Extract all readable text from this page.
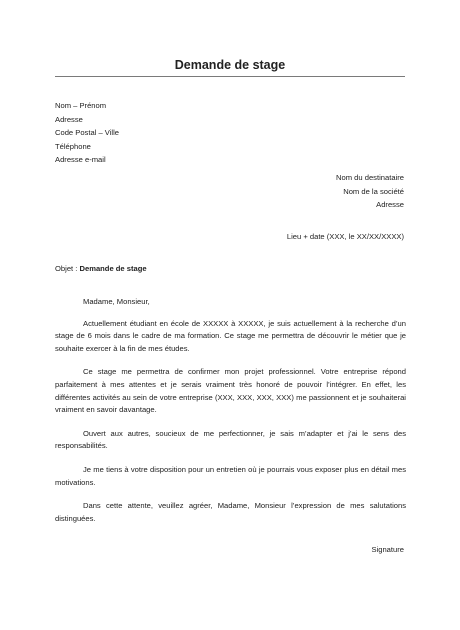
Demande de stage
Nom – Prénom
Adresse
Code Postal – Ville
Téléphone
Adresse e-mail
Nom du destinataire
Nom de la société
Adresse
Lieu + date (XXX, le XX/XX/XXXX)
Objet : Demande de stage

Madame, Monsieur,

Actuellement étudiant en école de XXXXX à XXXXX, je suis actuellement à la recherche d’un stage de 6 mois dans le cadre de ma formation. Ce stage me permettra de découvrir le métier que je souhaite exercer à la fin de mes études.

Ce stage me permettra de confirmer mon projet professionnel. Votre entreprise répond parfaitement à mes attentes et je serais vraiment très honoré de pouvoir l’intégrer. En effet, les différentes activités au sein de votre entreprise (XXX, XXX, XXX, XXX) me passionnent et je souhaiterai vraiment en savoir davantage.

Ouvert aux autres, soucieux de me perfectionner, je sais m’adapter et j’ai le sens des responsabilités.

Je me tiens à votre disposition pour un entretien où je pourrais vous exposer plus en détail mes motivations.

Dans cette attente, veuillez agréer, Madame, Monsieur l’expression de mes salutations distinguées.

Signature
